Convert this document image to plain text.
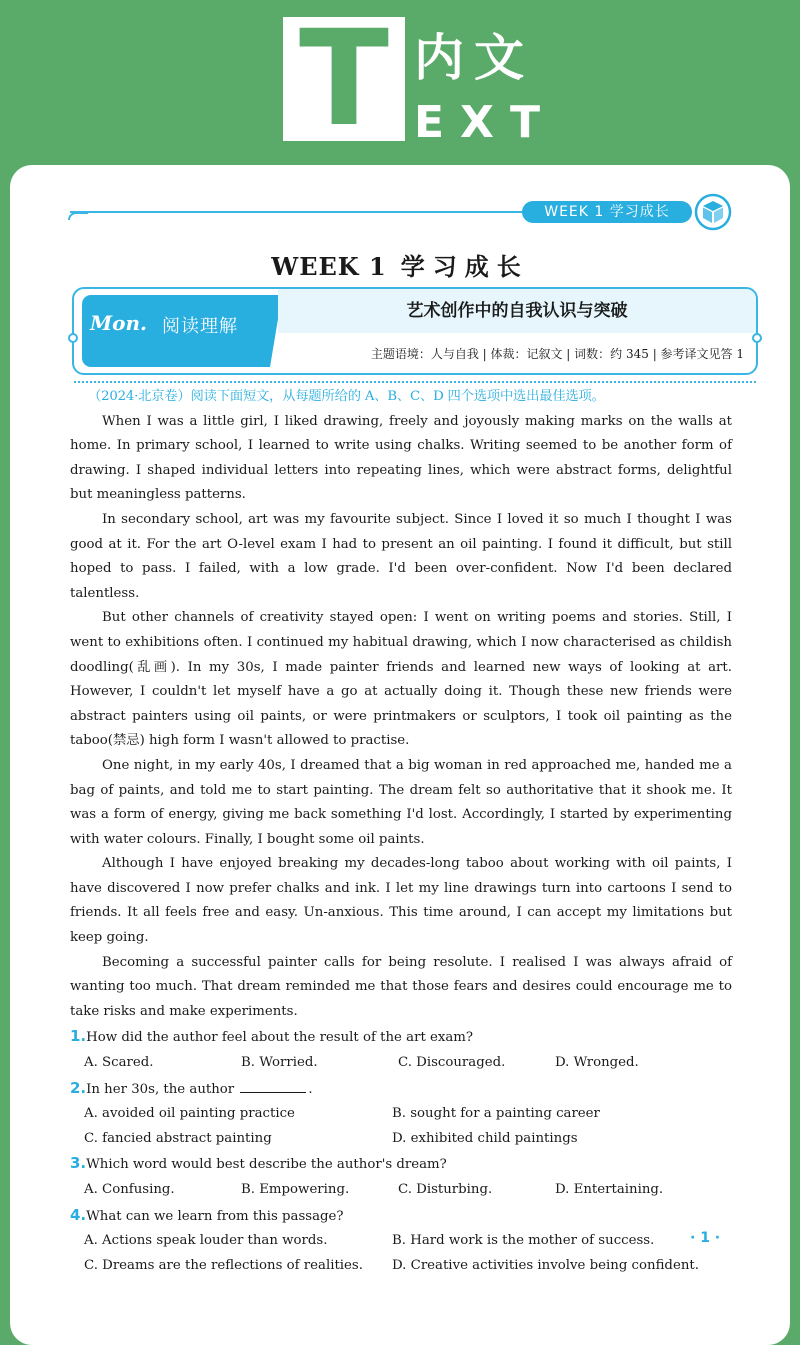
T 内文
EXT
WEEK 1 学习成长
WEEK 1 学习成长
Mon. 阅读理解
艺术创作中的自我认识与突破
主题语境：人与自我 | 体裁：记叙文 | 词数：约 345 | 参考译文见答 1

（2024·北京卷）阅读下面短文，从每题所给的 A、B、C、D 四个选项中选出最佳选项。

When I was a little girl, I liked drawing, freely and joyously making marks on the walls at home. In primary school, I learned to write using chalks. Writing seemed to be another form of drawing. I shaped individual letters into repeating lines, which were abstract forms, delightful but meaningless patterns.

In secondary school, art was my favourite subject. Since I loved it so much I thought I was good at it. For the art O-level exam I had to present an oil painting. I found it difficult, but still hoped to pass. I failed, with a low grade. I'd been over-confident. Now I'd been declared talentless.

But other channels of creativity stayed open: I went on writing poems and stories. Still, I went to exhibitions often. I continued my habitual drawing, which I now characterised as childish doodling(乱画). In my 30s, I made painter friends and learned new ways of looking at art. However, I couldn't let myself have a go at actually doing it. Though these new friends were abstract painters using oil paints, or were printmakers or sculptors, I took oil painting as the taboo(禁忌) high form I wasn't allowed to practise.

One night, in my early 40s, I dreamed that a big woman in red approached me, handed me a bag of paints, and told me to start painting. The dream felt so authoritative that it shook me. It was a form of energy, giving me back something I'd lost. Accordingly, I started by experimenting with water colours. Finally, I bought some oil paints.

Although I have enjoyed breaking my decades-long taboo about working with oil paints, I have discovered I now prefer chalks and ink. I let my line drawings turn into cartoons I send to friends. It all feels free and easy. Un-anxious. This time around, I can accept my limitations but keep going.

Becoming a successful painter calls for being resolute. I realised I was always afraid of wanting too much. That dream reminded me that those fears and desires could encourage me to take risks and make experiments.

1.How did the author feel about the result of the art exam?

A. Scared.	B. Worried.	C. Discouraged.	D. Wronged.

2.In her 30s, the author	.

A. avoided oil painting practice	B. sought for a painting career
C. fancied abstract painting	D. exhibited child paintings

3.Which word would best describe the author's dream?

A. Confusing.	B. Empowering.	C. Disturbing.	D. Entertaining.

4.What can we learn from this passage?

A. Actions speak louder than words.	B. Hard work is the mother of success.
C. Dreams are the reflections of realities.	D. Creative activities involve being confident.
· 1 ·
